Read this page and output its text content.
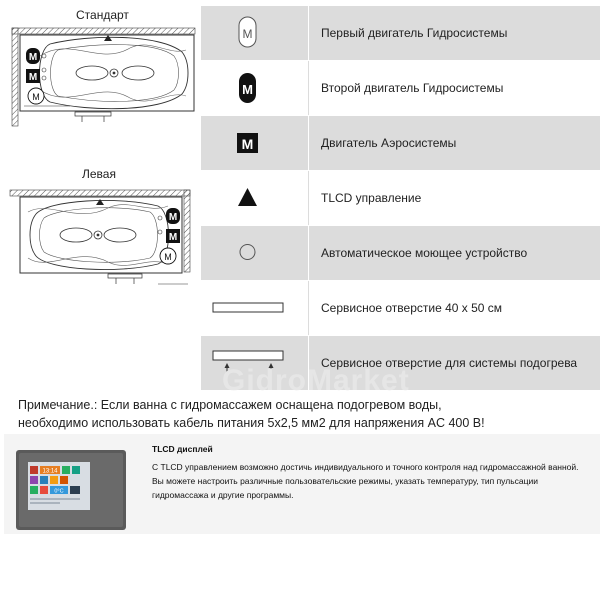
Стандарт
M
M
M
Левая
M
M
M
M	Первый двигатель Гидросистемы
M	Второй двигатель Гидросистемы
M	Двигатель Аэросистемы
TLCD управление
Автоматическое моющее устройство
Сервисное отверстие 40 x 50 см
Сервисное отверстие для системы подогрева
GidroMarket
Примечание.: Если ванна с гидромассажем оснащена подогревом воды,
необходимо использовать кабель питания 5х2,5 мм2 для напряжения AC 400 B!
13:14
0°C
TLCD дисплей
С TLCD управлением возможно достичь индивидуального и точного контроля над гидромассажной ванной.
Вы можете настроить различные пользовательские режимы, указать температуру, тип пульсации
гидромассажа и другие программы.
